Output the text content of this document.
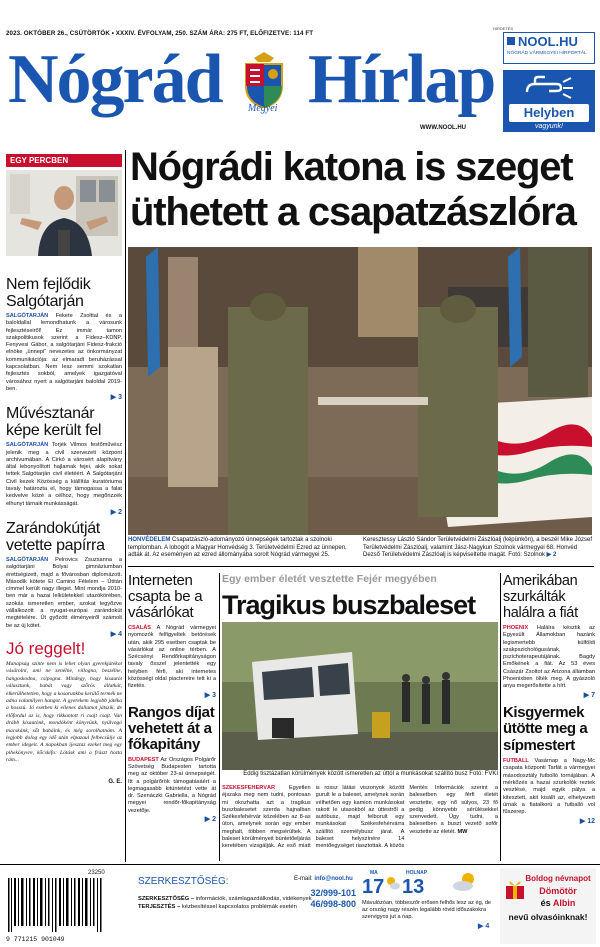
2023. OKTÓBER 26., CSÜTÖRTÖK • XXXIV. ÉVFOLYAM, 250. SZÁM ÁRA: 275 FT, ELŐFIZETVE: 114 FT
Nógrád Hírlap
Megyei
WWW.NOOL.HU
HIRDETÉS
NOOL.HU
NÓGRÁD VÁRMEGYEI HÍRPORTÁL
Helyben
vagyunk!
EGY PERCBEN
Nem fejlődik Salgótarján
SALGÓTARJÁN Fekete Zsolttal és a baloldallal lemondhatunk a városunk fejlesztéseiről! Ez immár tamon szakpolitikusok szerint a Fidesz–KDNP. Fenyvesi Gábor, a salgótarjáni Fidesz-frakció elnöke „ünnepi” nevezetes az önkormányzat kommunikációja: az elmaradt beruházással kapcsolatban. Nem lesz semmi szokatlan fejlesztés sokból, amelyek igazgatóval városához nyert a salgótarjáni baloldal 2019-ben.
▶ 3
Művésztanár képe került fel
SALGÓTARJÁN Torjék Vilmos festőművész jelenik meg a civil szervezeti központ archívumában. A Cirkó a városért alapítvány által lebonyolított hajlamak fejei, akik sokat tettek Salgótarján civil életéért. A Salgótarjáni Civil kezek Közösség a kiállítás kuratóriuma tavaly határozta el, hogy támogassa a falat kedvelve közé a célhoz, hogy megőrizzék elhunyt tárnaik munkásságát.
▶ 2
Zarándokútját vetette papírra
SALGÓTARJÁN Pelrovics Zsuzsanna a salgótarjáni Bolyai gimnáziumban érettségizett, majd a fővárosban diplomázott. Második kötete El Camino Félelem – Útitán címmel került nagy illeget. Mint mondja 2010-ben már a hazai lelkületekkel utazókörében, szokás ismeretlen ember, szokat legyőzve vállalkozott a nyugat-európai zarándokút megtételére. Út győzött élményeiről számolt be az új kötet.
▶ 4
Jó reggelt!
Manapság szinte nem is lehet olyan gyerekjátékot vásárolni, ami ne zenélne, villogna, beszélne, hangoskodna, csipogna. Mindegy, hogy kisautót választunk, babát vagy szőrös állatkát, elkerülhetetlen, hogy a kosarunkba kerülő termék ne adna valamilyen hangot. A gyerekem legjobb játéka a hosszú. Jó esetben ki ellenes dallamot játszik, de előfordul az is, hogy rikkantott ri csajt csajt. Van drább kisautónk, mondóként könyvünk, nyúlvogó macskánk, sőt babáink, és még sorolhatnám. A legjobb dolog egy idő után elpazaul felbecsülje az ember idegeit. A napokban ijesztaz ezeket meg egy pihekönyvre, kőcskifo: Lótásk ami a frászt hozta rám...
G. E.
Nógrádi katona is szeget üthetett a csapatzászlóra
HONVÉDELEM Csapatzászló-adományozó ünnepségek tartoztak a szolnoki templomban. A lobogót a Magyar Honvédség 3. Területvédelmi Ezred az ünnepen, adták át. Az eseményen az ezred állományába sorolt Nógrád vármegyei 25.
Keresztessy László Sándor Területvédelmi Zászlóalj (képünkön), a beszél Mike József Területvédelmi Zászlóalj, valamint Jász-Nagykun Szolnok vármegyei 68. Honvéd Dezső Területvédelmi Zászlóalj is képviseltette magát. Fotó: Szolnok ▶ 2
Interneten csapta be a vásárlókat
CSALÁS A Nógrád vármegyei nyomozók felfigyeltek betörések után, akik 295 esetben csaptak be vásárlókat az online térben. A Szécsényi Rendőrkapitányságon tavaly ősszel jelentették egy helyben férfi, aki internetes közösségi oldal piactereire tett ki a fizetés.
▶ 3
Rangos díjat vehetett át a főkapitány
BUDAPEST Az Országos Polgárőr Szövetség Budapesten tartotta meg az október 23-ai ünnepségét. Itt a polgárőrök támogatásáért a legmagasabb kitüntetést vette át dr. Szenáczki Gabriella, a Nógrád megyei rendőr-főkapitányság vezetője.
▶ 2
Egy ember életét vesztette Fejér megyében
Tragikus buszbaleset
Eddig tisztázatlan körülmények között ismeretlen az úttól a munkásokat szállító busz Fotó: FVKI
SZÉKESFEHÉRVÁR Egyetlen éjszaka meg nem tudni, pontosan mi okozhatta azt a tragikus buszbalesetet szerda hajnalban Székesfehérvár közelében az 8-as úton, amelynek során egy ember meghalt, többen megsérültek. A baleset körülményeit büntetőeljárás keretében vizsgálják. Az eső miatt is rossz látási viszonyok között gurult le a baleset, amelynek során vélhetően egy kamion munkásokat rakott le utasokból az úttestről a autóbusz, majd felborult egy munkásokat Székesfehérvárra szállító személybusz járat. A baleset helyszínére 14 mentőegységet riasztottak. A közös Mentés Információk szerint a balesetben egy férfi életét vesztette, egy nő súlyos, 23 fő pedig könnyebb sérülésekkel szenvedett. Úgy tudni, a balesetben a buszt vezető sofőr vesztette az életét. MW
Amerikában szurkálták halálra a fiát
PHOENIX Halálra késztik az Egyesült Államokban hazánk legismertebb külföldi szakpszichológusának, pszichoterapeutájának. Bagdy Emőkének a fiát. Az 53 éves Császár Zsoltot az Arizona államban Phoenixben ölték meg. A gyászoló anya megerősítette a hírt.
▶ 7
Kisgyermek ütötte meg a sípmestert
FUTBALL Vasárnap a Nagy-Mc csapata központi Tarfát a vármegyei másodosztály futbolló tornájában. A mérkőzés a hazai szurkolók reztek vesztésé, majd egyik pálya a kitesztett, akit kisállt az, elhelyezett úrnak a fiatalkorú a futballó vol fűszerep.
▶ 12
23250
9 771215 901049
SZERKESZTŐSÉG:
SZERKESZTŐSÉG – információk, számlagazdálkodás, vidékenyek
TERJESZTÉS – kézbesítéssel kapcsolatos problémák esetén
E-mail: info@nool.hu
32/999-101
46/998-800
MA
17
HOLNAP
13
Mávulózóan, többeszőr erősen felhős lesz az ég, de az ország nagy részén legalább rövid időszakokra szervigyos jut a nap.
▶ 4
Boldog névnapot
Dömötör
és Albin
nevű olvasóinknak!
